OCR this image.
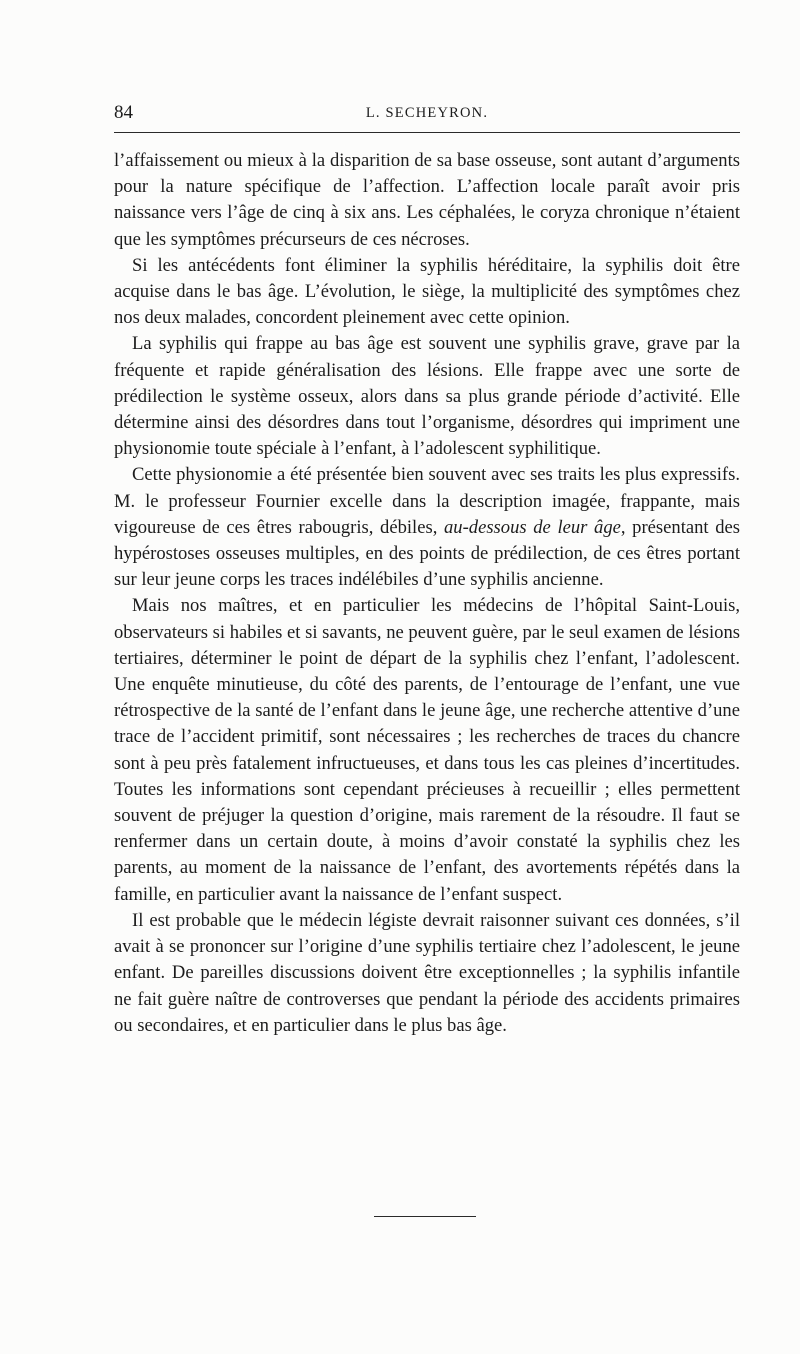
84	L. SECHEYRON.

l’affaissement ou mieux à la disparition de sa base osseuse, sont autant d’arguments pour la nature spécifique de l’affection. L’affection locale paraît avoir pris naissance vers l’âge de cinq à six ans. Les céphalées, le coryza chronique n’étaient que les symptômes précurseurs de ces nécroses.

Si les antécédents font éliminer la syphilis héréditaire, la syphilis doit être acquise dans le bas âge. L’évolution, le siège, la multiplicité des symptômes chez nos deux malades, concordent pleinement avec cette opinion.

La syphilis qui frappe au bas âge est souvent une syphilis grave, grave par la fréquente et rapide généralisation des lésions. Elle frappe avec une sorte de prédilection le système osseux, alors dans sa plus grande période d’activité. Elle détermine ainsi des désordres dans tout l’organisme, désordres qui impriment une physionomie toute spéciale à l’enfant, à l’adolescent syphilitique.

Cette physionomie a été présentée bien souvent avec ses traits les plus expressifs. M. le professeur Fournier excelle dans la description imagée, frappante, mais vigoureuse de ces êtres rabougris, débiles, au-dessous de leur âge, présentant des hypérostoses osseuses multiples, en des points de prédilection, de ces êtres portant sur leur jeune corps les traces indélébiles d’une syphilis ancienne.

Mais nos maîtres, et en particulier les médecins de l’hôpital Saint-Louis, observateurs si habiles et si savants, ne peuvent guère, par le seul examen de lésions tertiaires, déterminer le point de départ de la syphilis chez l’enfant, l’adolescent. Une enquête minutieuse, du côté des parents, de l’entourage de l’enfant, une vue rétrospective de la santé de l’enfant dans le jeune âge, une recherche attentive d’une trace de l’accident primitif, sont nécessaires ; les recherches de traces du chancre sont à peu près fatalement infructueuses, et dans tous les cas pleines d’incertitudes. Toutes les informations sont cependant précieuses à recueillir ; elles permettent souvent de préjuger la question d’origine, mais rarement de la résoudre. Il faut se renfermer dans un certain doute, à moins d’avoir constaté la syphilis chez les parents, au moment de la naissance de l’enfant, des avortements répétés dans la famille, en particulier avant la naissance de l’enfant suspect.

Il est probable que le médecin légiste devrait raisonner suivant ces données, s’il avait à se prononcer sur l’origine d’une syphilis tertiaire chez l’adolescent, le jeune enfant. De pareilles discussions doivent être exceptionnelles ; la syphilis infantile ne fait guère naître de controverses que pendant la période des accidents primaires ou secondaires, et en particulier dans le plus bas âge.
